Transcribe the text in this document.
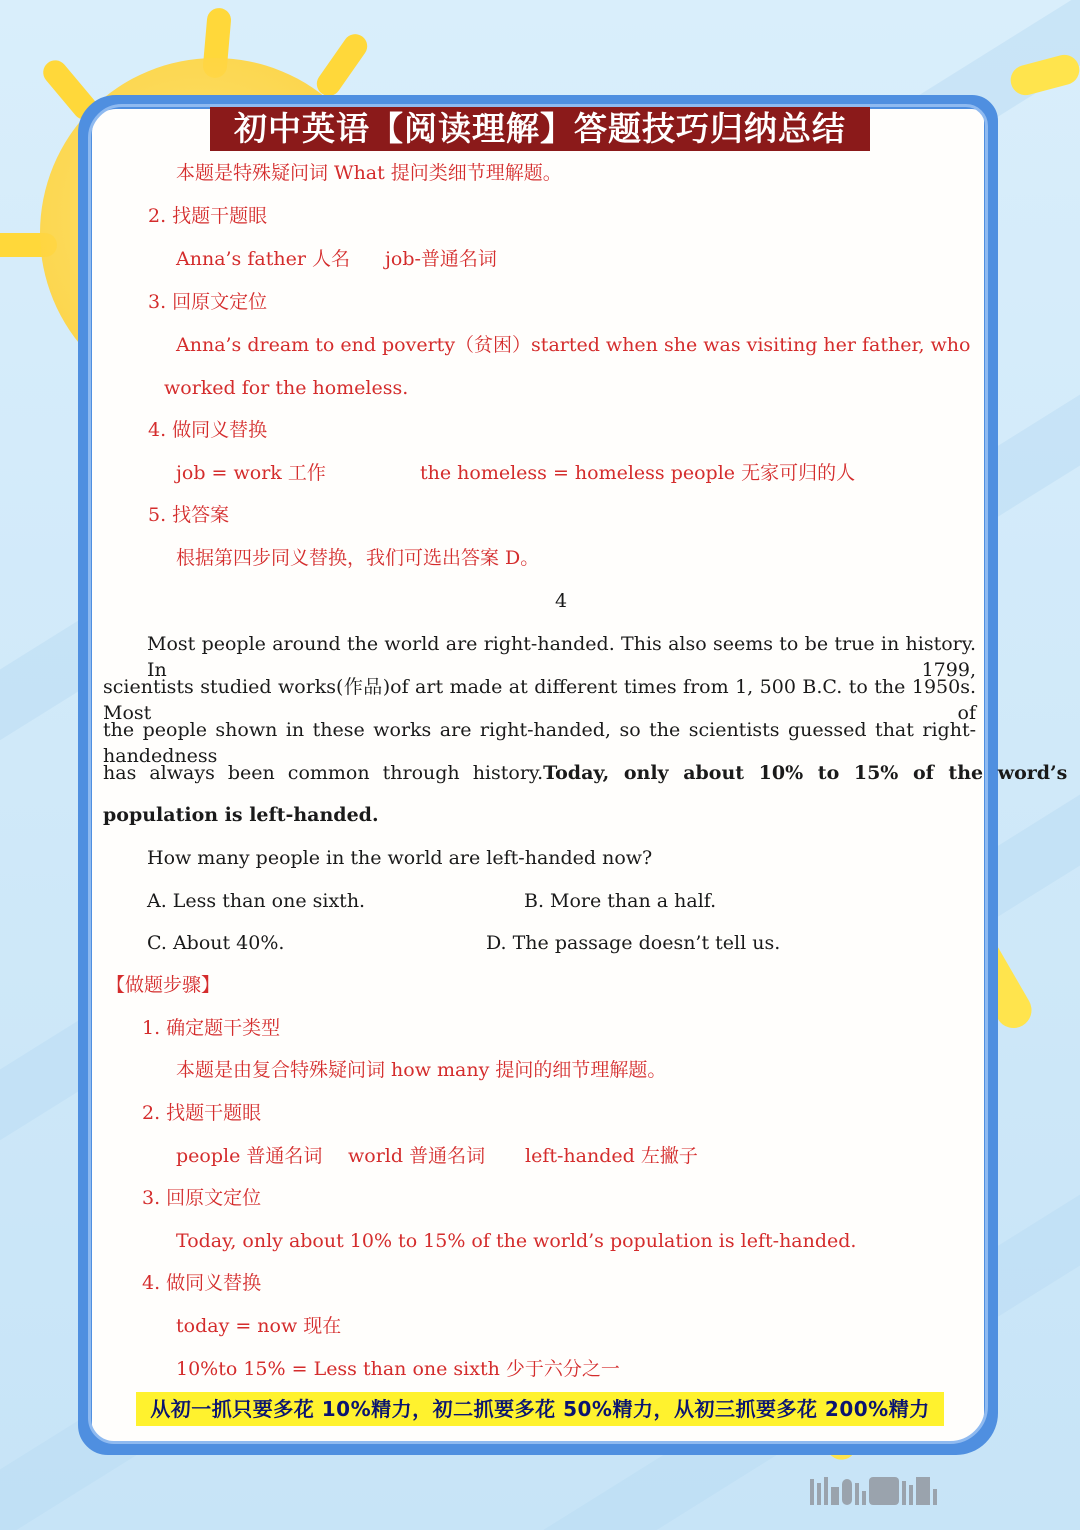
初中英语【阅读理解】答题技巧归纳总结
本题是特殊疑问词 What 提问类细节理解题。
2. 找题干题眼
Anna’s father 人名 job-普通名词
3. 回原文定位
Anna’s dream to end poverty（贫困）started when she was visiting her father, who
worked for the homeless.
4. 做同义替换
job = work 工作	the homeless = homeless people 无家可归的人
5. 找答案
根据第四步同义替换，我们可选出答案 D。
4
Most people around the world are right-handed. This also seems to be true in history. In 1799,
scientists studied works(作品)of art made at different times from 1, 500 B.C. to the 1950s. Most of
the people shown in these works are right-handed, so the scientists guessed that right-handedness
has always been common through history. Today, only about 10% to 15% of the word’s
population is left-handed.
How many people in the world are left-handed now?
A. Less than one sixth.	B. More than a half.
C. About 40%.	D. The passage doesn’t tell us.
【做题步骤】
1. 确定题干类型
本题是由复合特殊疑问词 how many 提问的细节理解题。
2. 找题干题眼
people 普通名词 world 普通名词 left-handed 左撇子
3. 回原文定位
Today, only about 10% to 15% of the world’s population is left-handed.
4. 做同义替换
today = now 现在
10%to 15% = Less than one sixth 少于六分之一
从初一抓只要多花 10%精力，初二抓要多花 50%精力，从初三抓要多花 200%精力
